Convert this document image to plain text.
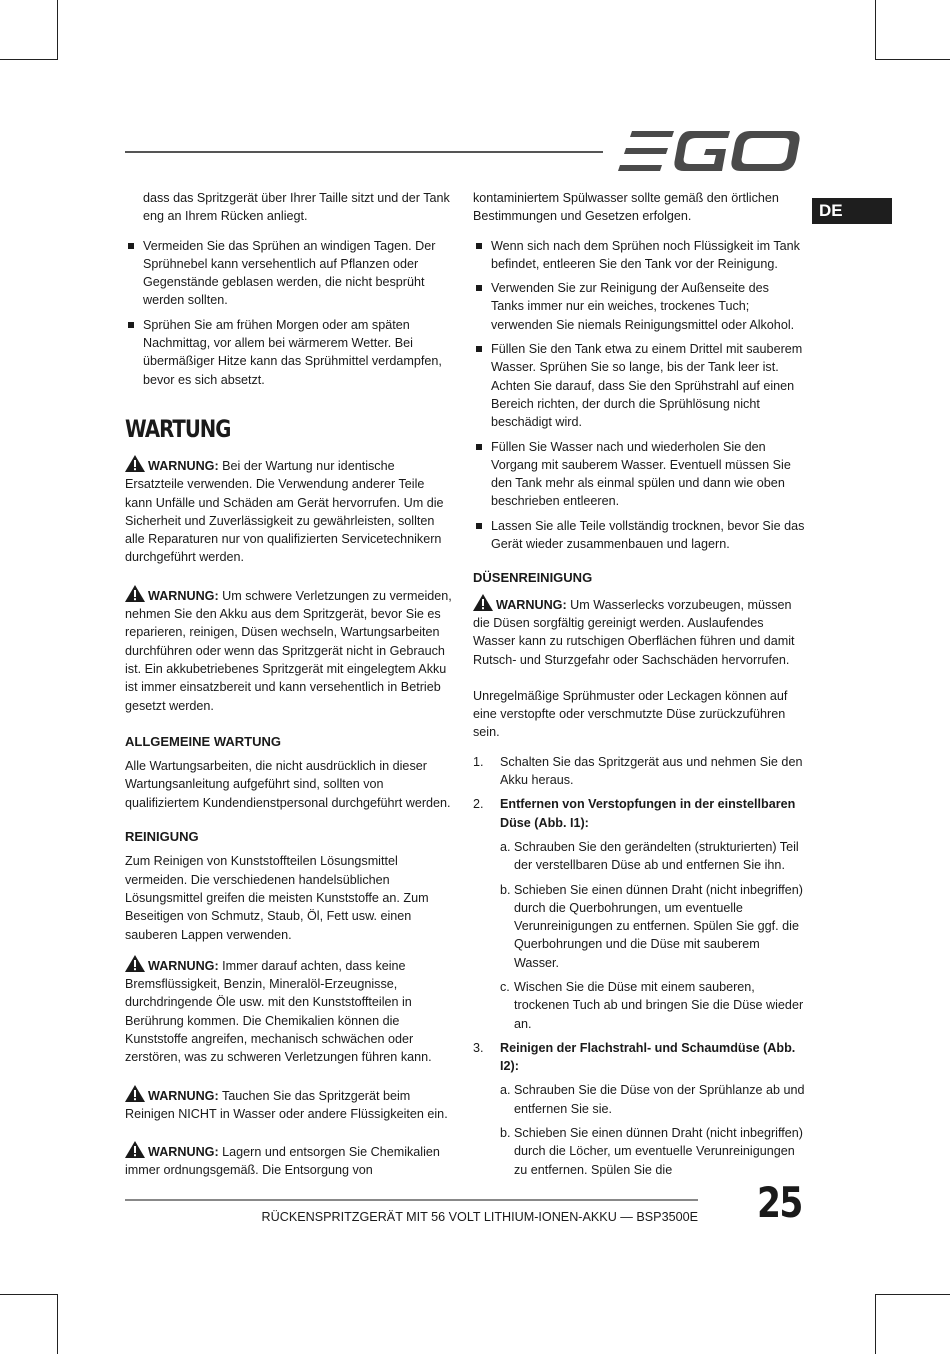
DE

dass das Spritzgerät über Ihrer Taille sitzt und der Tank eng an Ihrem Rücken anliegt.

Vermeiden Sie das Sprühen an windigen Tagen. Der Sprühnebel kann versehentlich auf Pflanzen oder Gegenstände geblasen werden, die nicht besprüht werden sollten.
Sprühen Sie am frühen Morgen oder am späten Nachmittag, vor allem bei wärmerem Wetter. Bei übermäßiger Hitze kann das Sprühmittel verdampfen, bevor es sich absetzt.
WARTUNG

WARNUNG: Bei der Wartung nur identische Ersatzteile verwenden. Die Verwendung anderer Teile kann Unfälle und Schäden am Gerät hervorrufen. Um die Sicherheit und Zuverlässigkeit zu gewährleisten, sollten alle Reparaturen nur von qualifizierten Servicetechnikern durchgeführt werden.

WARNUNG: Um schwere Verletzungen zu vermeiden, nehmen Sie den Akku aus dem Spritzgerät, bevor Sie es reparieren, reinigen, Düsen wechseln, Wartungsarbeiten durchführen oder wenn das Spritzgerät nicht in Gebrauch ist. Ein akkubetriebenes Spritzgerät mit eingelegtem Akku ist immer einsatzbereit und kann versehentlich in Betrieb gesetzt werden.

ALLGEMEINE WARTUNG

Alle Wartungsarbeiten, die nicht ausdrücklich in dieser Wartungsanleitung aufgeführt sind, sollten von qualifiziertem Kundendienstpersonal durchgeführt werden.

REINIGUNG

Zum Reinigen von Kunststoffteilen Lösungsmittel vermeiden. Die verschiedenen handelsüblichen Lösungsmittel greifen die meisten Kunststoffe an. Zum Beseitigen von Schmutz, Staub, Öl, Fett usw. einen sauberen Lappen verwenden.

WARNUNG: Immer darauf achten, dass keine Bremsflüssigkeit, Benzin, Mineralöl-Erzeugnisse, durchdringende Öle usw. mit den Kunststoffteilen in Berührung kommen. Die Chemikalien können die Kunststoffe angreifen, mechanisch schwächen oder zerstören, was zu schweren Verletzungen führen kann.

WARNUNG: Tauchen Sie das Spritzgerät beim Reinigen NICHT in Wasser oder andere Flüssigkeiten ein.

WARNUNG: Lagern und entsorgen Sie Chemikalien immer ordnungsgemäß. Die Entsorgung von

kontaminiertem Spülwasser sollte gemäß den örtlichen Bestimmungen und Gesetzen erfolgen.

Wenn sich nach dem Sprühen noch Flüssigkeit im Tank befindet, entleeren Sie den Tank vor der Reinigung.
Verwenden Sie zur Reinigung der Außenseite des Tanks immer nur ein weiches, trockenes Tuch; verwenden Sie niemals Reinigungsmittel oder Alkohol.
Füllen Sie den Tank etwa zu einem Drittel mit sauberem Wasser. Sprühen Sie so lange, bis der Tank leer ist. Achten Sie darauf, dass Sie den Sprühstrahl auf einen Bereich richten, der durch die Sprühlösung nicht beschädigt wird.
Füllen Sie Wasser nach und wiederholen Sie den Vorgang mit sauberem Wasser. Eventuell müssen Sie den Tank mehr als einmal spülen und dann wie oben beschrieben entleeren.
Lassen Sie alle Teile vollständig trocknen, bevor Sie das Gerät wieder zusammenbauen und lagern.
DÜSENREINIGUNG

WARNUNG: Um Wasserlecks vorzubeugen, müssen die Düsen sorgfältig gereinigt werden. Auslaufendes Wasser kann zu rutschigen Oberflächen führen und damit Rutsch- und Sturzgefahr oder Sachschäden hervorrufen.

Unregelmäßige Sprühmuster oder Leckagen können auf eine verstopfte oder verschmutzte Düse zurückzuführen sein.

1. Schalten Sie das Spritzgerät aus und nehmen Sie den Akku heraus.
2. Entfernen von Verstopfungen in der einstellbaren Düse (Abb. I1):
a. Schrauben Sie den gerändelten (strukturierten) Teil der verstellbaren Düse ab und entfernen Sie ihn.
b. Schieben Sie einen dünnen Draht (nicht inbegriffen) durch die Querbohrungen, um eventuelle Verunreinigungen zu entfernen. Spülen Sie ggf. die Querbohrungen und die Düse mit sauberem Wasser.
c. Wischen Sie die Düse mit einem sauberen, trockenen Tuch ab und bringen Sie die Düse wieder an.
3. Reinigen der Flachstrahl- und Schaumdüse (Abb. I2):
a. Schrauben Sie die Düse von der Sprühlanze ab und entfernen Sie sie.
b. Schieben Sie einen dünnen Draht (nicht inbegriffen) durch die Löcher, um eventuelle Verunreinigungen zu entfernen. Spülen Sie die
RÜCKENSPRITZGERÄT MIT 56 VOLT LITHIUM-IONEN-AKKU — BSP3500E 25
